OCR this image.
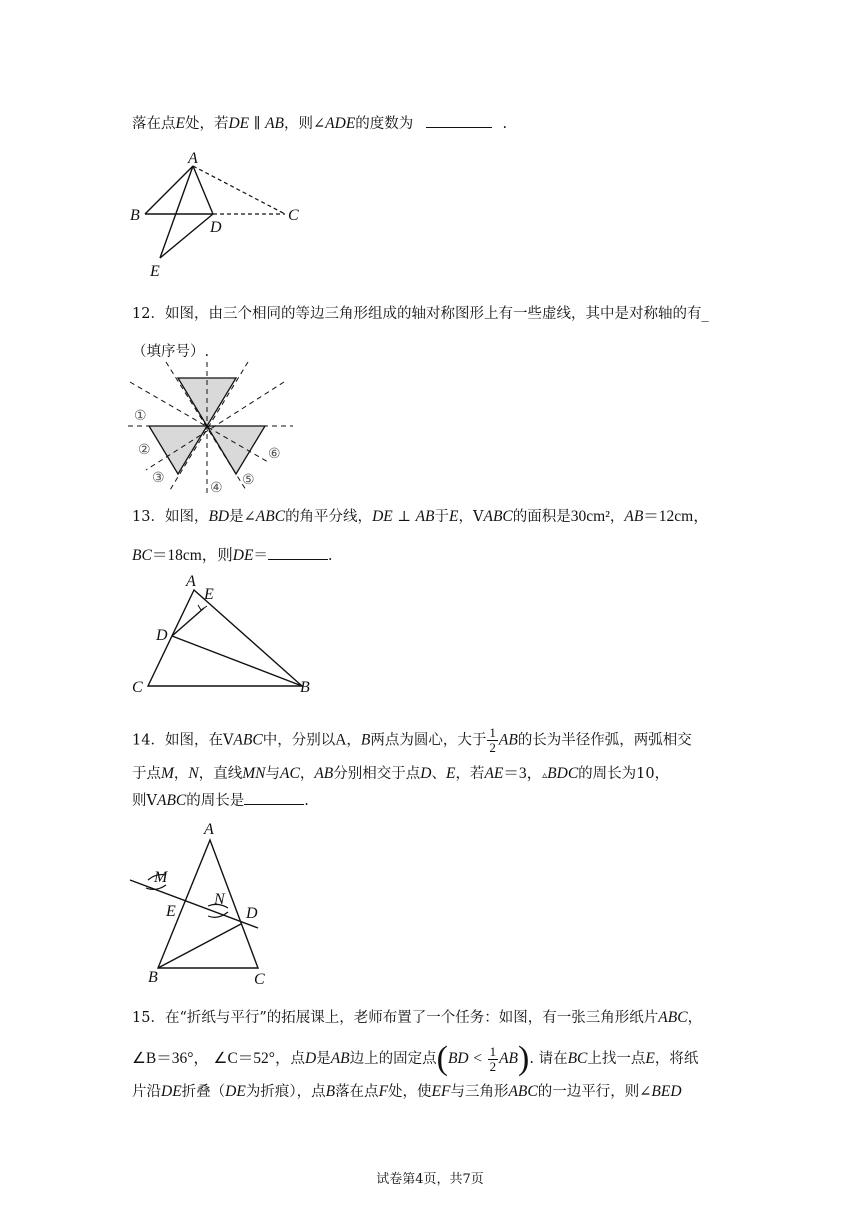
落在点E处，若DE ∥ AB，则∠ADE的度数为	.
A
B	C
D
E
12．如图，由三个相同的等边三角形组成的轴对称图形上有一些虚线，其中是对称轴的有_
（填序号）.
①
②
③
④
⑤
⑥
13．如图，BD是∠ABC的角平分线，DE ⊥ AB于E，VABC的面积是30cm²，AB＝12cm，
BC＝18cm，则DE＝	.
A
E
D
C	B
14．如图，在VABC中，分别以A，B两点为圆心，大于 $\frac{1}{2}$ AB的长为半径作弧，两弧相交
于点M，N，直线MN与AC，AB分别相交于点D、E，若AE＝3，▵BDC的周长为10，
则VABC的周长是	.
A
M
E
N
D
B	C
15．在“折纸与平行”的拓展课上，老师布置了一个任务：如图，有一张三角形纸片ABC，
∠B＝36°， ∠C＝52°，点D是AB边上的固定点$(BD < \frac{1}{2} AB)$. 请在BC上找一点E，将纸
片沿DE折叠（DE为折痕），点B落在点F处，使EF与三角形ABC的一边平行，则∠BED
试卷第4页，共7页
